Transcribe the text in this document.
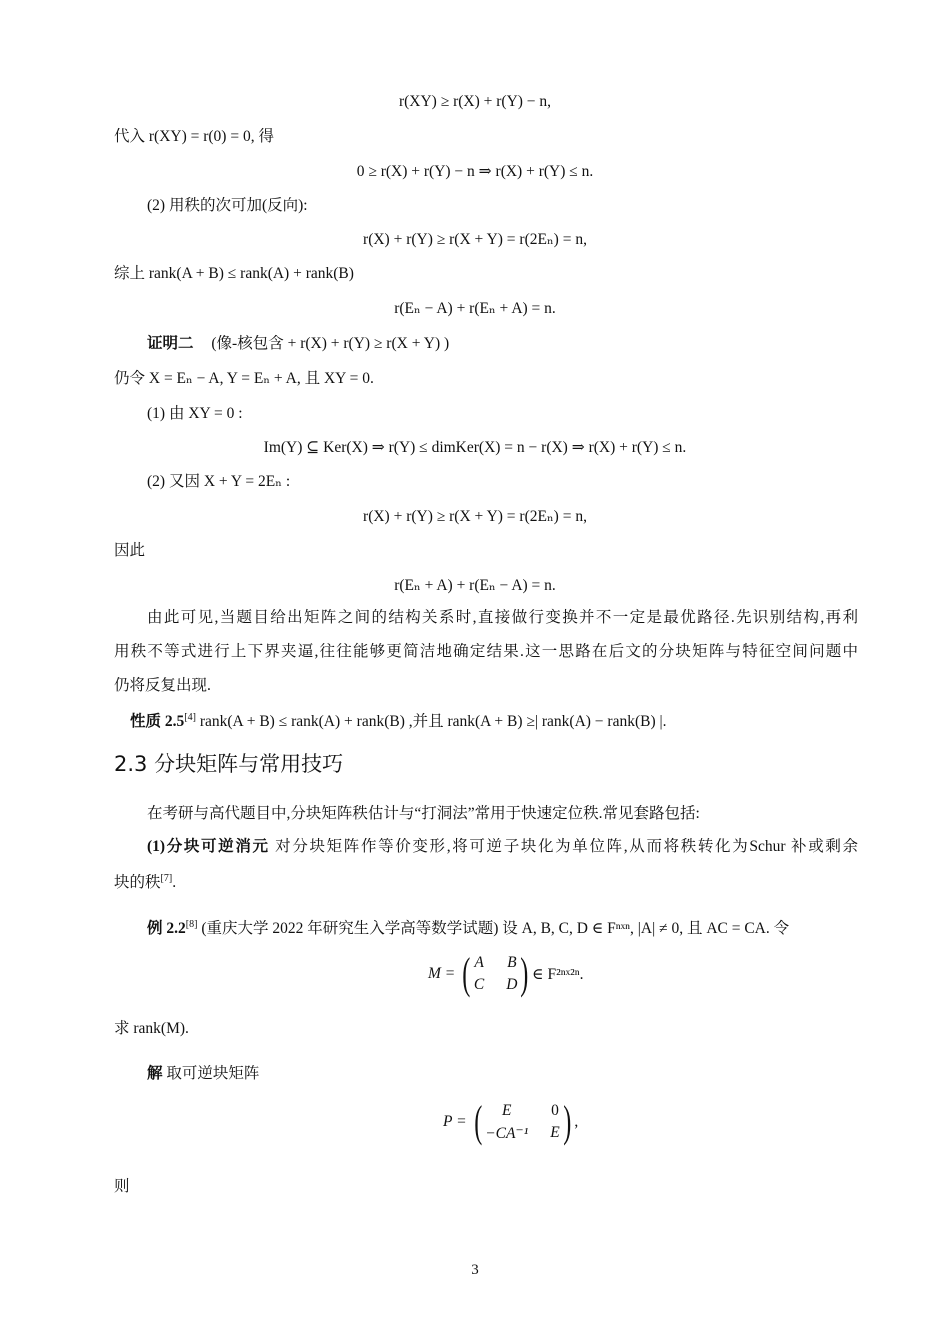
r(XY) ≥ r(X) + r(Y) − n,
代入 r(XY) = r(0) = 0, 得
0 ≥ r(X) + r(Y) − n ⇒ r(X) + r(Y) ≤ n.
(2) 用秩的次可加(反向):
r(X) + r(Y) ≥ r(X + Y) = r(2Eₙ) = n,
综上 rank(A + B) ≤ rank(A) + rank(B)
r(Eₙ − A) + r(Eₙ + A) = n.
证明二 (像-核包含 + r(X) + r(Y) ≥ r(X + Y) )
仍令 X = Eₙ − A, Y = Eₙ + A, 且 XY = 0.
(1) 由 XY = 0 :
Im(Y) ⊆ Ker(X) ⇒ r(Y) ≤ dimKer(X) = n − r(X) ⇒ r(X) + r(Y) ≤ n.
(2) 又因 X + Y = 2Eₙ :
r(X) + r(Y) ≥ r(X + Y) = r(2Eₙ) = n,
因此
r(Eₙ + A) + r(Eₙ − A) = n.
由此可见,当题目给出矩阵之间的结构关系时,直接做行变换并不一定是最优路径.先识别结构,再利
用秩不等式进行上下界夹逼,往往能够更简洁地确定结果.这一思路在后文的分块矩阵与特征空间问题中
仍将反复出现.
性质 2.5[4] rank(A + B) ≤ rank(A) + rank(B) ,并且 rank(A + B) ≥| rank(A) − rank(B) |.
2.3 分块矩阵与常用技巧
在考研与高代题目中,分块矩阵秩估计与“打洞法”常用于快速定位秩.常见套路包括:
(1)分块可逆消元 对分块矩阵作等价变形,将可逆子块化为单位阵,从而将秩转化为Schur 补或剩余
块的秩[7].
例 2.2[8] (重庆大学 2022 年研究生入学高等数学试题) 设 A, B, C, D ∈ Fⁿˣⁿ, |A| ≠ 0, 且 AC = CA. 令
M = ( A B
C D ) ∈ F²ⁿˣ²ⁿ.
求 rank(M).
解 取可逆块矩阵
P = (	E	0
−CA⁻¹ E ) ,
则
3
